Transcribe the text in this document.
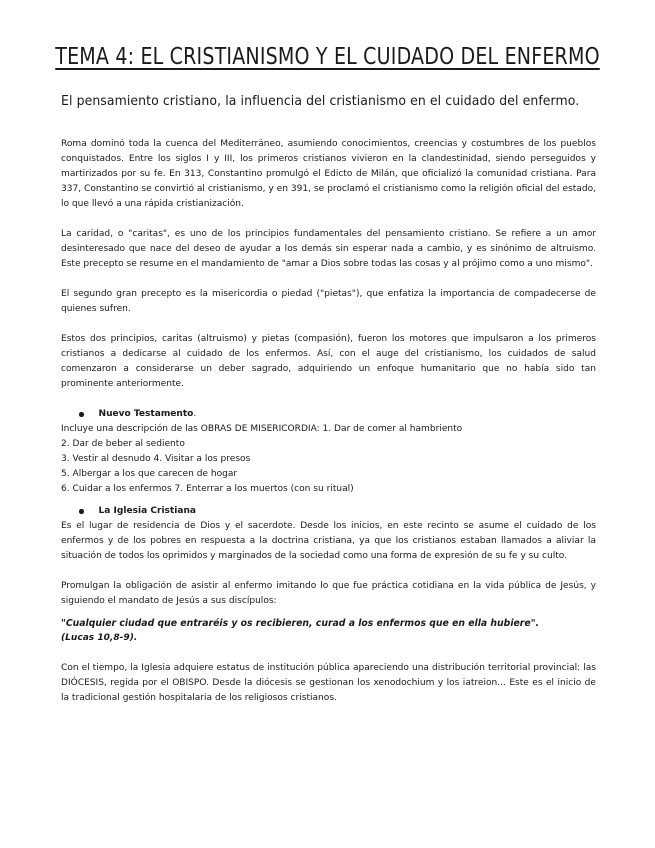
TEMA 4: EL CRISTIANISMO Y EL CUIDADO DEL ENFERMO
El pensamiento cristiano, la influencia del cristianismo en el cuidado del enfermo.

Roma dominó toda la cuenca del Mediterráneo, asumiendo conocimientos, creencias y costumbres de los pueblos conquistados. Entre los siglos I y III, los primeros cristianos vivieron en la clandestinidad, siendo perseguidos y martirizados por su fe. En 313, Constantino promulgó el Edicto de Milán, que oficializó la comunidad cristiana. Para 337, Constantino se convirtió al cristianismo, y en 391, se proclamó el cristianismo como la religión oficial del estado, lo que llevó a una rápida cristianización.

La caridad, o "caritas", es uno de los principios fundamentales del pensamiento cristiano. Se refiere a un amor desinteresado que nace del deseo de ayudar a los demás sin esperar nada a cambio, y es sinónimo de altruismo. Este precepto se resume en el mandamiento de "amar a Dios sobre todas las cosas y al prójimo como a uno mismo".

El segundo gran precepto es la misericordia o piedad ("pietas"), que enfatiza la importancia de compadecerse de quienes sufren.

Estos dos principios, caritas (altruismo) y pietas (compasión), fueron los motores que impulsaron a los primeros cristianos a dedicarse al cuidado de los enfermos. Así, con el auge del cristianismo, los cuidados de salud comenzaron a considerarse un deber sagrado, adquiriendo un enfoque humanitario que no había sido tan prominente anteriormente.

Nuevo Testamento .

Incluye una descripción de las OBRAS DE MISERICORDIA: 1. Dar de comer al hambriento

2. Dar de beber al sediento

3. Vestir al desnudo 4. Visitar a los presos

5. Albergar a los que carecen de hogar

6. Cuidar a los enfermos 7. Enterrar a los muertos (con su ritual)

La Iglesia Cristiana

Es el lugar de residencia de Dios y el sacerdote. Desde los inicios, en este recinto se asume el cuidado de los enfermos y de los pobres en respuesta a la doctrina cristiana, ya que los cristianos estaban llamados a aliviar la situación de todos los oprimidos y marginados de la sociedad como una forma de expresión de su fe y su culto.

Promulgan la obligación de asistir al enfermo imitando lo que fue práctica cotidiana en la vida pública de Jesús, y siguiendo el mandato de Jesús a sus discípulos:

"Cualquier ciudad que entraréis y os recibieren, curad a los enfermos que en ella hubiere".

(Lucas 10,8-9).

Con el tiempo, la Iglesia adquiere estatus de institución pública apareciendo una distribución territorial provincial: las DIÓCESIS, regida por el OBISPO. Desde la diócesis se gestionan los xenodochium y los iatreion... Este es el inicio de la tradicional gestión hospitalaria de los religiosos cristianos.
